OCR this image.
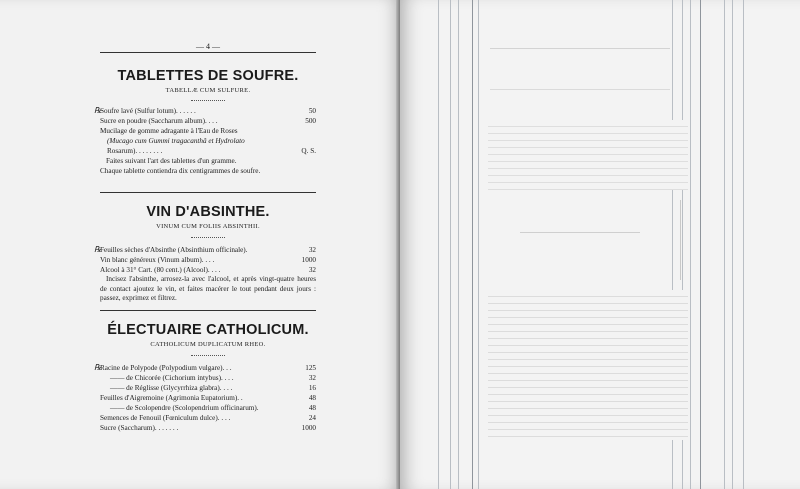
— 4 —
TABLETTES DE SOUFRE.
TABELLÆ CUM SULFURE.
℞
Soufre lavé (Sulfur lotum). . . . . .	50
Sucre en poudre (Saccharum album). . . .	500
Mucilage de gomme adragante à l'Eau de Roses
(Mucago cum Gummi tragacanthâ et Hydrolato
Rosarum). . . . . . . .	Q. S.
Faites suivant l'art des tablettes d'un gramme.
Chaque tablette contiendra dix centigrammes de soufre.
VIN D'ABSINTHE.
VINUM CUM FOLIIS ABSINTHII.
℞
Feuilles sèches d'Absinthe (Absinthium officinale).	32
Vin blanc généreux (Vinum album). . . .	1000
Alcool à 31° Cart. (80 cent.) (Alcool). . . .	32
Incisez l'absinthe, arrosez-la avec l'alcool, et après vingt-quatre heures de contact ajoutez le vin, et faites macérer le tout pendant deux jours : passez, exprimez et filtrez.
ÉLECTUAIRE CATHOLICUM.
CATHOLICUM DUPLICATUM RHEO.
℞
Racine de Polypode (Polypodium vulgare). . .	125
—— de Chicorée (Cichorium intybus). . . .	32
—— de Réglisse (Glycyrrhiza glabra). . . .	16
Feuilles d'Aigremoine (Agrimonia Eupatorium). .	48
—— de Scolopendre (Scolopendrium officinarum).	48
Semences de Fenouil (Fœniculum dulce). . . .	24
Sucre (Saccharum). . . . . . .	1000
